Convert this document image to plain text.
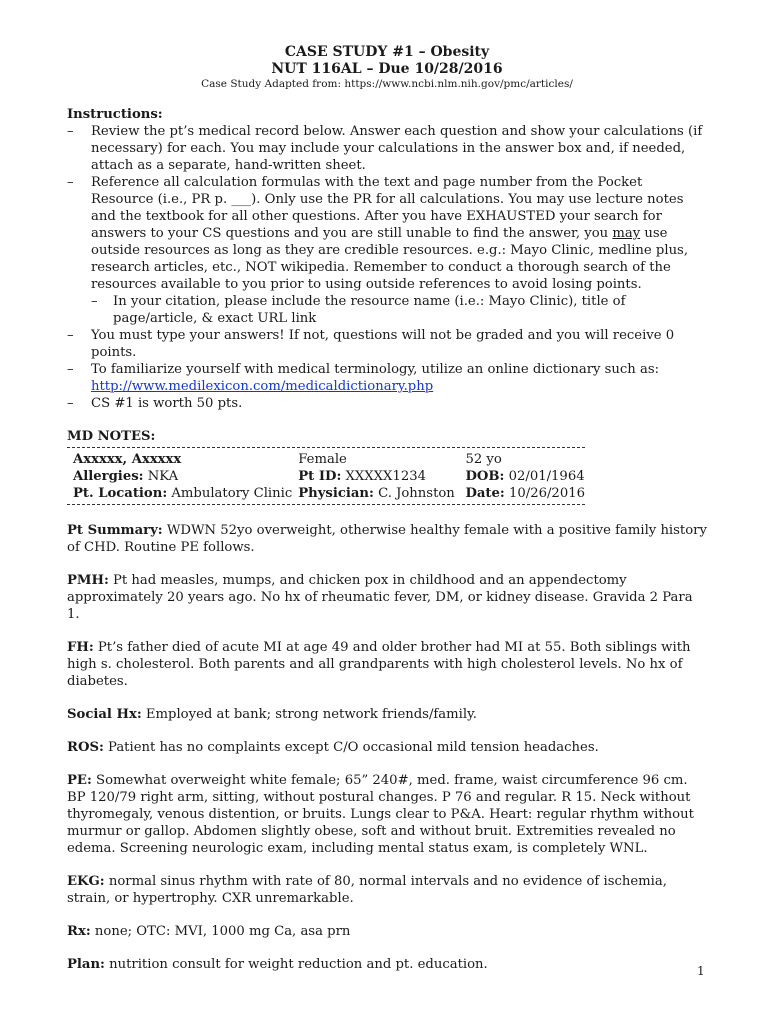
CASE STUDY #1 – Obesity
NUT 116AL – Due 10/28/2016
Case Study Adapted from: https://www.ncbi.nlm.nih.gov/pmc/articles/
Instructions:
– Review the pt’s medical record below. Answer each question and show your calculations (if necessary) for each. You may include your calculations in the answer box and, if needed, attach as a separate, hand-written sheet.
– Reference all calculation formulas with the text and page number from the Pocket Resource (i.e., PR p. ___). Only use the PR for all calculations. You may use lecture notes and the textbook for all other questions. After you have EXHAUSTED your search for answers to your CS questions and you are still unable to find the answer, you may use outside resources as long as they are credible resources. e.g.: Mayo Clinic, medline plus, research articles, etc., NOT wikipedia. Remember to conduct a thorough search of the resources available to you prior to using outside references to avoid losing points.
– In your citation, please include the resource name (i.e.: Mayo Clinic), title of page/article, & exact URL link
– You must type your answers! If not, questions will not be graded and you will receive 0 points.
– To familiarize yourself with medical terminology, utilize an online dictionary such as:
http://www.medilexicon.com/medicaldictionary.php
– CS #1 is worth 50 pts.
MD NOTES:
Axxxxx, Axxxxx	Female	52 yo
Allergies: NKA	Pt ID: XXXXX1234	DOB: 02/01/1964
Pt. Location: Ambulatory Clinic	Physician: C. Johnston	Date: 10/26/2016

Pt Summary: WDWN 52yo overweight, otherwise healthy female with a positive family history of CHD. Routine PE follows.

PMH: Pt had measles, mumps, and chicken pox in childhood and an appendectomy approximately 20 years ago. No hx of rheumatic fever, DM, or kidney disease. Gravida 2 Para 1.

FH: Pt’s father died of acute MI at age 49 and older brother had MI at 55. Both siblings with high s. cholesterol. Both parents and all grandparents with high cholesterol levels. No hx of diabetes.

Social Hx: Employed at bank; strong network friends/family.

ROS: Patient has no complaints except C/O occasional mild tension headaches.

PE: Somewhat overweight white female; 65” 240#, med. frame, waist circumference 96 cm. BP 120/79 right arm, sitting, without postural changes. P 76 and regular. R 15. Neck without thyromegaly, venous distention, or bruits. Lungs clear to P&A. Heart: regular rhythm without murmur or gallop. Abdomen slightly obese, soft and without bruit. Extremities revealed no edema. Screening neurologic exam, including mental status exam, is completely WNL.

EKG: normal sinus rhythm with rate of 80, normal intervals and no evidence of ischemia, strain, or hypertrophy. CXR unremarkable.

Rx: none; OTC: MVI, 1000 mg Ca, asa prn

Plan: nutrition consult for weight reduction and pt. education.	1
